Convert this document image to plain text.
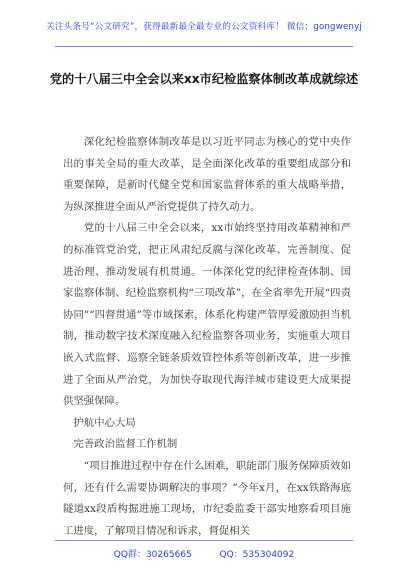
关注头条号“公文研究”，获得最新最全最专业的公文资料库！ 微信：gongwenyj
党的十八届三中全会以来xx市纪检监察体制改革成就综述

深化纪检监察体制改革是以习近平同志为核心的党中央作出的事关全局的重大改革，是全面深化改革的重要组成部分和重要保障，是新时代健全党和国家监督体系的重大战略举措，为纵深推进全面从严治党提供了持久动力。

党的十八届三中全会以来，xx市始终坚持用改革精神和严的标准管党治党，把正风肃纪反腐与深化改革、完善制度、促进治理、推动发展有机贯通。一体深化党的纪律检查体制、国家监察体制、纪检监察机构“三项改革”，在全省率先开展“四责协同”“四督贯通”等市域探索，体系化构建严管厚爱激励担当机制，推动数字技术深度融入纪检监察各项业务，实施重大项目嵌入式监督、巡察全链条质效管控体系等创新改革，进一步推进了全面从严治党，为加快夺取现代海洋城市建设更大成果提供坚强保障。

护航中心大局

完善政治监督工作机制

“项目推进过程中存在什么困难，职能部门服务保障质效如何，还有什么需要协调解决的事项？”今年x月，在xx铁路海底隧道xx段盾构掘进施工现场，市纪委监委干部实地察看项目施工进度，了解项目情况和诉求，督促相关

QQ群：30265665	QQ：535304092
